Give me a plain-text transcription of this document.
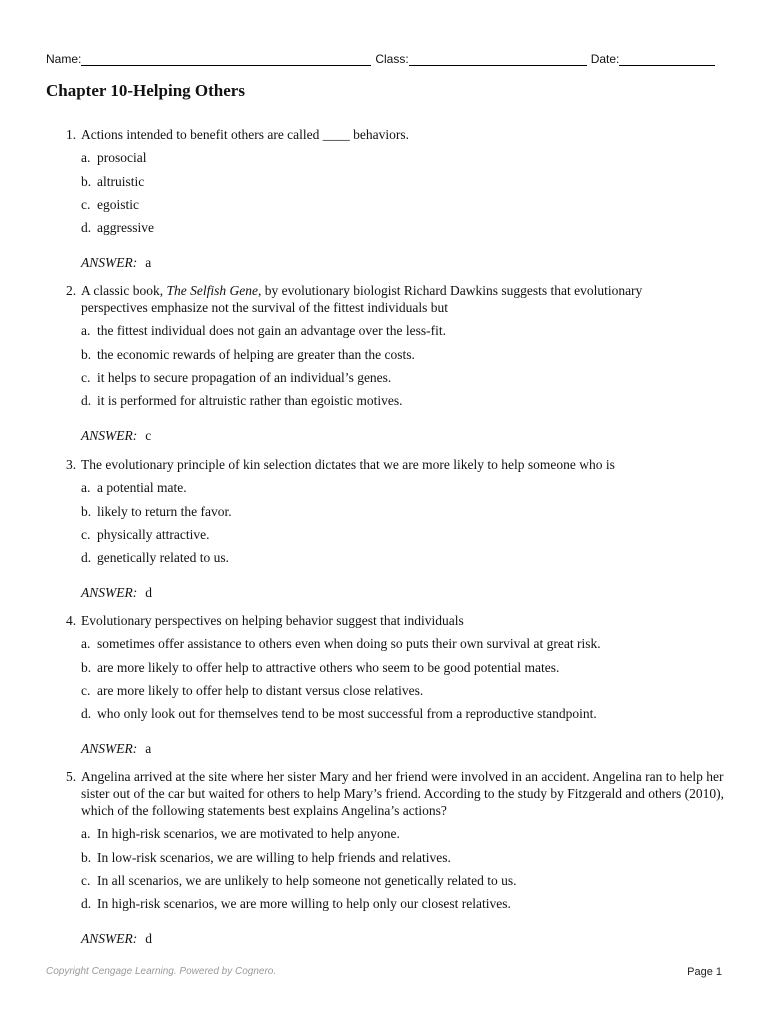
Name:	Class:	Date:
Chapter 10-Helping Others
1. Actions intended to benefit others are called ____ behaviors.
a. prosocial
b. altruistic
c. egoistic
d. aggressive
ANSWER: a
2. A classic book, The Selfish Gene, by evolutionary biologist Richard Dawkins suggests that evolutionary perspectives emphasize not the survival of the fittest individuals but
a. the fittest individual does not gain an advantage over the less-fit.
b. the economic rewards of helping are greater than the costs.
c. it helps to secure propagation of an individual’s genes.
d. it is performed for altruistic rather than egoistic motives.
ANSWER: c
3. The evolutionary principle of kin selection dictates that we are more likely to help someone who is
a. a potential mate.
b. likely to return the favor.
c. physically attractive.
d. genetically related to us.
ANSWER: d
4. Evolutionary perspectives on helping behavior suggest that individuals
a. sometimes offer assistance to others even when doing so puts their own survival at great risk.
b. are more likely to offer help to attractive others who seem to be good potential mates.
c. are more likely to offer help to distant versus close relatives.
d. who only look out for themselves tend to be most successful from a reproductive standpoint.
ANSWER: a
5. Angelina arrived at the site where her sister Mary and her friend were involved in an accident. Angelina ran to help her sister out of the car but waited for others to help Mary’s friend. According to the study by Fitzgerald and others (2010), which of the following statements best explains Angelina’s actions?
a. In high-risk scenarios, we are motivated to help anyone.
b. In low-risk scenarios, we are willing to help friends and relatives.
c. In all scenarios, we are unlikely to help someone not genetically related to us.
d. In high-risk scenarios, we are more willing to help only our closest relatives.
ANSWER: d
Copyright Cengage Learning. Powered by Cognero.	Page 1
